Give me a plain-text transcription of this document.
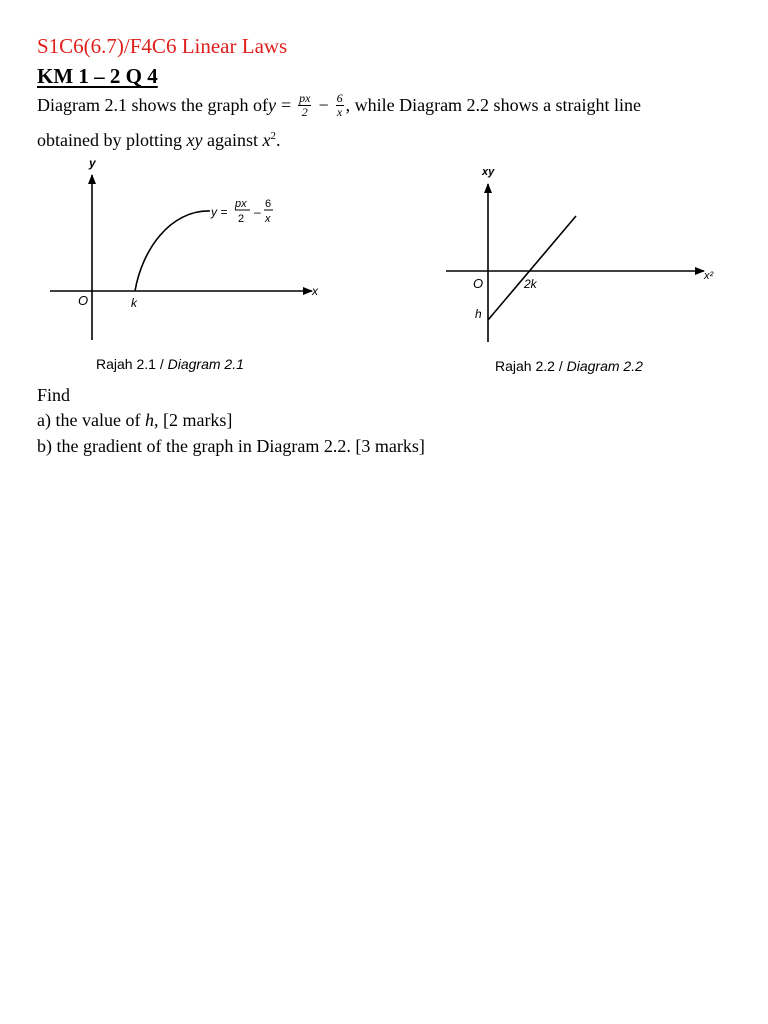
S1C6(6.7)/F4C6 Linear Laws
KM 1 – 2 Q 4
Diagram 2.1 shows the graph of $y = \frac{px}{2} - \frac{6}{x}$ , while Diagram 2.2 shows a straight line
obtained by plotting xy against $x^2$.
y
x
O	k
y =
px
2 –
6
x
Rajah 2.1 / Diagram 2.1
xy
x²
O	2k
h
Rajah 2.2 / Diagram 2.2
Find
a) the value of h, [2 marks]
b) the gradient of the graph in Diagram 2.2. [3 marks]
